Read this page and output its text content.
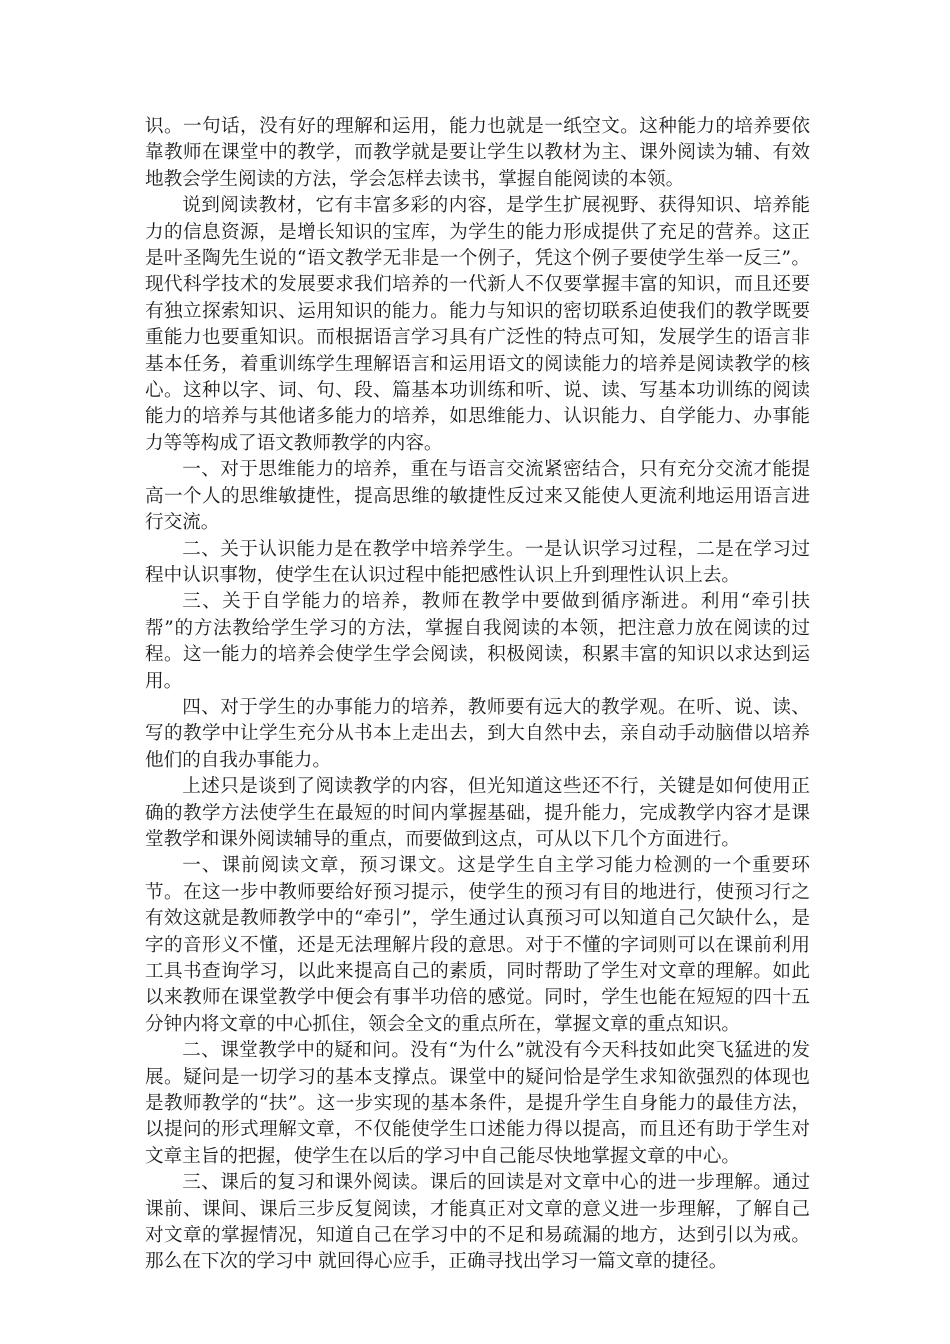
识。一句话，没有好的理解和运用，能力也就是一纸空文。这种能力的培养要依靠教师在课堂中的教学，而教学就是要让学生以教材为主、课外阅读为辅、有效地教会学生阅读的方法，学会怎样去读书，掌握自能阅读的本领。

说到阅读教材，它有丰富多彩的内容，是学生扩展视野、获得知识、培养能力的信息资源，是增长知识的宝库，为学生的能力形成提供了充足的营养。这正是叶圣陶先生说的“语文教学无非是一个例子，凭这个例子要使学生举一反三”。现代科学技术的发展要求我们培养的一代新人不仅要掌握丰富的知识，而且还要有独立探索知识、运用知识的能力。能力与知识的密切联系迫使我们的教学既要重能力也要重知识。而根据语言学习具有广泛性的特点可知，发展学生的语言非基本任务，着重训练学生理解语言和运用语文的阅读能力的培养是阅读教学的核心。这种以字、词、句、段、篇基本功训练和听、说、读、写基本功训练的阅读能力的培养与其他诸多能力的培养，如思维能力、认识能力、自学能力、办事能力等等构成了语文教师教学的内容。

一、对于思维能力的培养，重在与语言交流紧密结合，只有充分交流才能提高一个人的思维敏捷性，提高思维的敏捷性反过来又能使人更流利地运用语言进行交流。

二、关于认识能力是在教学中培养学生。一是认识学习过程，二是在学习过程中认识事物，使学生在认识过程中能把感性认识上升到理性认识上去。

三、关于自学能力的培养，教师在教学中要做到循序渐进。利用“牵引扶帮”的方法教给学生学习的方法，掌握自我阅读的本领，把注意力放在阅读的过程。这一能力的培养会使学生学会阅读，积极阅读，积累丰富的知识以求达到运用。

四、对于学生的办事能力的培养，教师要有远大的教学观。在听、说、读、写的教学中让学生充分从书本上走出去，到大自然中去，亲自动手动脑借以培养他们的自我办事能力。

上述只是谈到了阅读教学的内容，但光知道这些还不行，关键是如何使用正确的教学方法使学生在最短的时间内掌握基础，提升能力，完成教学内容才是课堂教学和课外阅读辅导的重点，而要做到这点，可从以下几个方面进行。

一、课前阅读文章，预习课文。这是学生自主学习能力检测的一个重要环节。在这一步中教师要给好预习提示，使学生的预习有目的地进行，使预习行之有效这就是教师教学中的“牵引”，学生通过认真预习可以知道自己欠缺什么，是字的音形义不懂，还是无法理解片段的意思。对于不懂的字词则可以在课前利用工具书查询学习，以此来提高自己的素质，同时帮助了学生对文章的理解。如此以来教师在课堂教学中便会有事半功倍的感觉。同时，学生也能在短短的四十五分钟内将文章的中心抓住，领会全文的重点所在，掌握文章的重点知识。

二、课堂教学中的疑和问。没有“为什么”就没有今天科技如此突飞猛进的发展。疑问是一切学习的基本支撑点。课堂中的疑问恰是学生求知欲强烈的体现也是教师教学的“扶”。这一步实现的基本条件，是提升学生自身能力的最佳方法，以提问的形式理解文章，不仅能使学生口述能力得以提高，而且还有助于学生对文章主旨的把握，使学生在以后的学习中自己能尽快地掌握文章的中心。

三、课后的复习和课外阅读。课后的回读是对文章中心的进一步理解。通过课前、课间、课后三步反复阅读，才能真正对文章的意义进一步理解，了解自己对文章的掌握情况，知道自己在学习中的不足和易疏漏的地方，达到引以为戒。那么在下次的学习中 就回得心应手，正确寻找出学习一篇文章的捷径。
